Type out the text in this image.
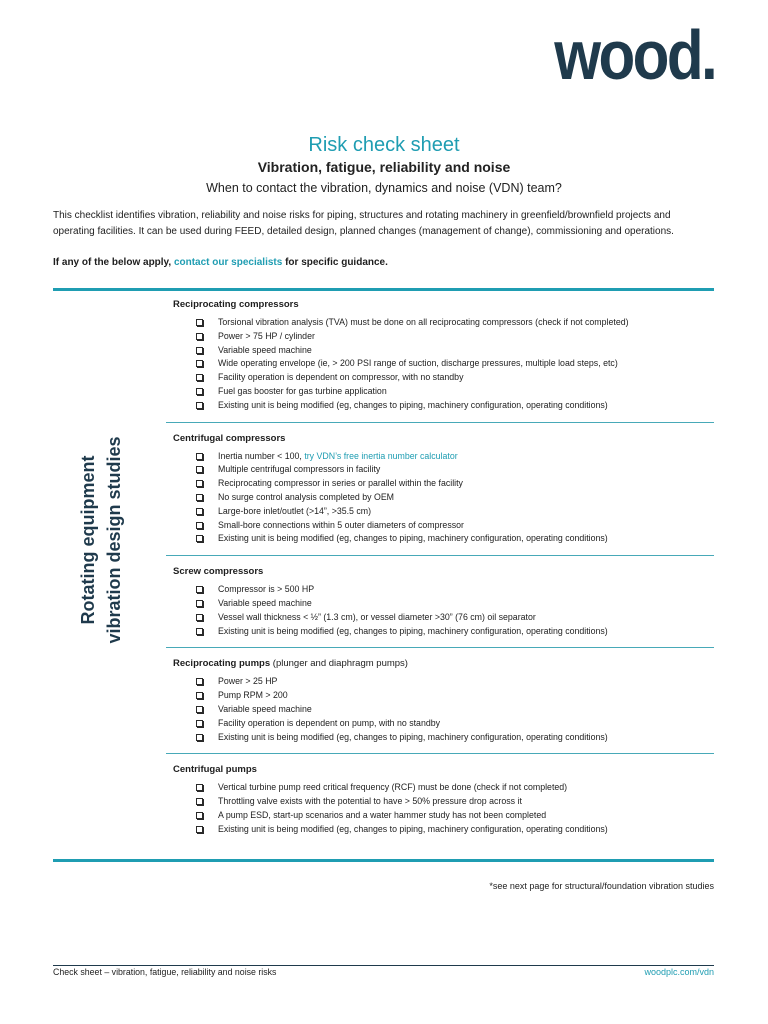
wood.
Risk check sheet
Vibration, fatigue, reliability and noise
When to contact the vibration, dynamics and noise (VDN) team?

This checklist identifies vibration, reliability and noise risks for piping, structures and rotating machinery in greenfield/brownfield projects and operating facilities. It can be used during FEED, detailed design, planned changes (management of change), commissioning and operations.

If any of the below apply, contact our specialists for specific guidance.
Rotating equipment vibration design studies
Reciprocating compressors
Torsional vibration analysis (TVA) must be done on all reciprocating compressors (check if not completed)
Power > 75 HP / cylinder
Variable speed machine
Wide operating envelope (ie, > 200 PSI range of suction, discharge pressures, multiple load steps, etc)
Facility operation is dependent on compressor, with no standby
Fuel gas booster for gas turbine application
Existing unit is being modified (eg, changes to piping, machinery configuration, operating conditions)
Centrifugal compressors
Inertia number < 100, try VDN’s free inertia number calculator
Multiple centrifugal compressors in facility
Reciprocating compressor in series or parallel within the facility
No surge control analysis completed by OEM
Large-bore inlet/outlet (>14”, >35.5 cm)
Small-bore connections within 5 outer diameters of compressor
Existing unit is being modified (eg, changes to piping, machinery configuration, operating conditions)
Screw compressors
Compressor is > 500 HP
Variable speed machine
Vessel wall thickness < ½” (1.3 cm), or vessel diameter >30” (76 cm) oil separator
Existing unit is being modified (eg, changes to piping, machinery configuration, operating conditions)
Reciprocating pumps (plunger and diaphragm pumps)
Power > 25 HP
Pump RPM > 200
Variable speed machine
Facility operation is dependent on pump, with no standby
Existing unit is being modified (eg, changes to piping, machinery configuration, operating conditions)
Centrifugal pumps
Vertical turbine pump reed critical frequency (RCF) must be done (check if not completed)
Throttling valve exists with the potential to have > 50% pressure drop across it
A pump ESD, start-up scenarios and a water hammer study has not been completed
Existing unit is being modified (eg, changes to piping, machinery configuration, operating conditions)
*see next page for structural/foundation vibration studies
Check sheet – vibration, fatigue, reliability and noise risks	woodplc.com/vdn
